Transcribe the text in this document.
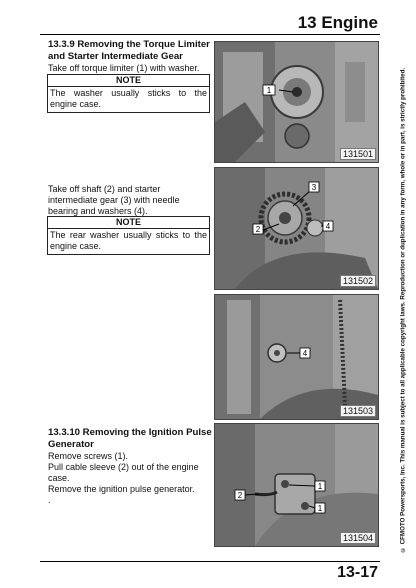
13 Engine
13.3.9 Removing the Torque Limiter and Starter Intermediate Gear
Take off torque limiter (1) with washer.
NOTE
The washer usually sticks to the engine case.
Take off shaft (2) and starter intermediate gear (3) with needle bearing and washers (4).
NOTE
The rear washer usually sticks to the engine case.
13.3.10 Removing the Ignition Pulse Generator
Remove screws (1).
Pull cable sleeve (2) out of the engine case.
Remove the ignition pulse generator.
.
1
131501
3
2	4
131502
4
131503
2
1
1
131504	© CFMOTO Powersports, Inc. This manual is subject to all applicable copyright laws. Reproduction or duplication in any form, whole or in part, is strictly prohibited.
13-17
